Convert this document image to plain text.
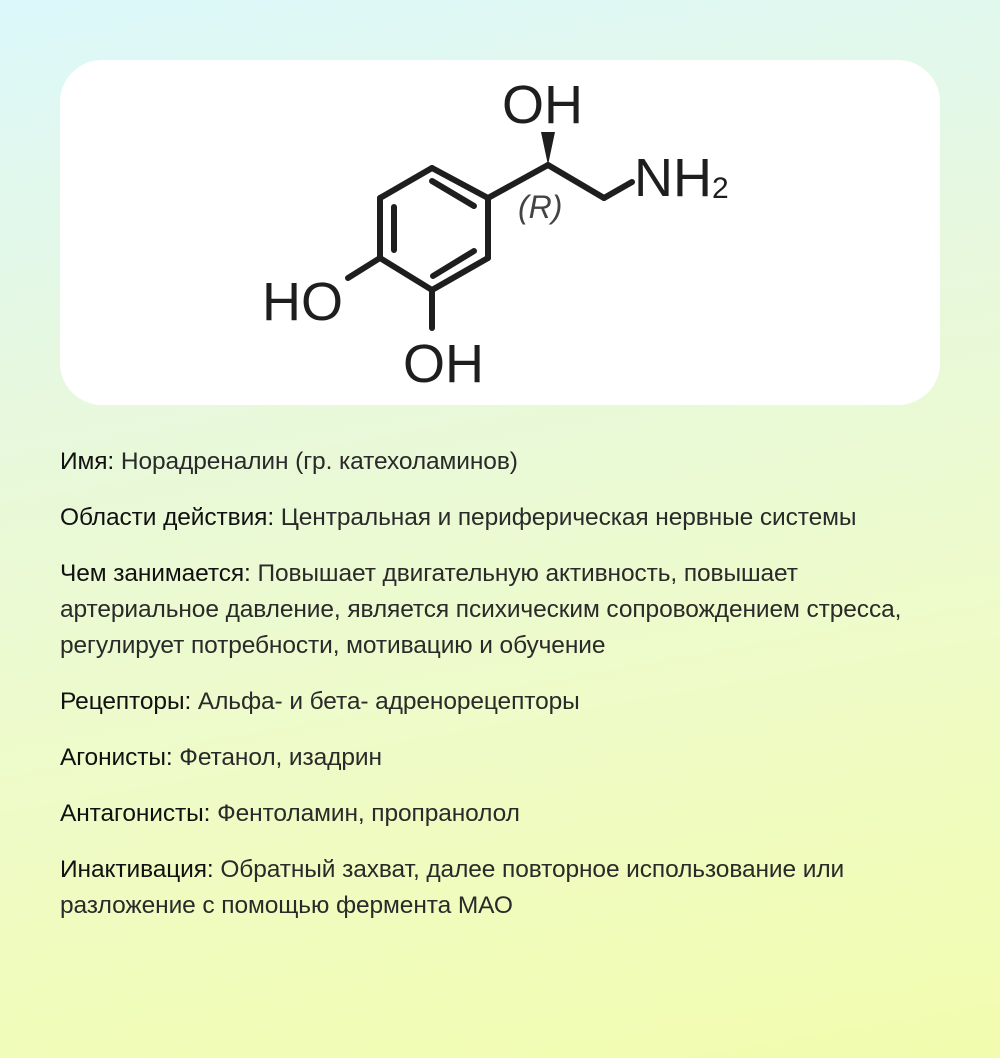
OH
NH2
(R)
HO
OH
Имя: Норадреналин (гр. катехоламинов)
Области действия: Центральная и периферическая нервные системы
Чем занимается: Повышает двигательную активность, повышает артериальное давление, является психическим сопровождением стресса, регулирует потребности, мотивацию и обучение
Рецепторы: Альфа- и бета- адренорецепторы
Агонисты: Фетанол, изадрин
Антагонисты: Фентоламин, пропранолол
Инактивация: Обратный захват, далее повторное использование или разложение с помощью фермента МАО
